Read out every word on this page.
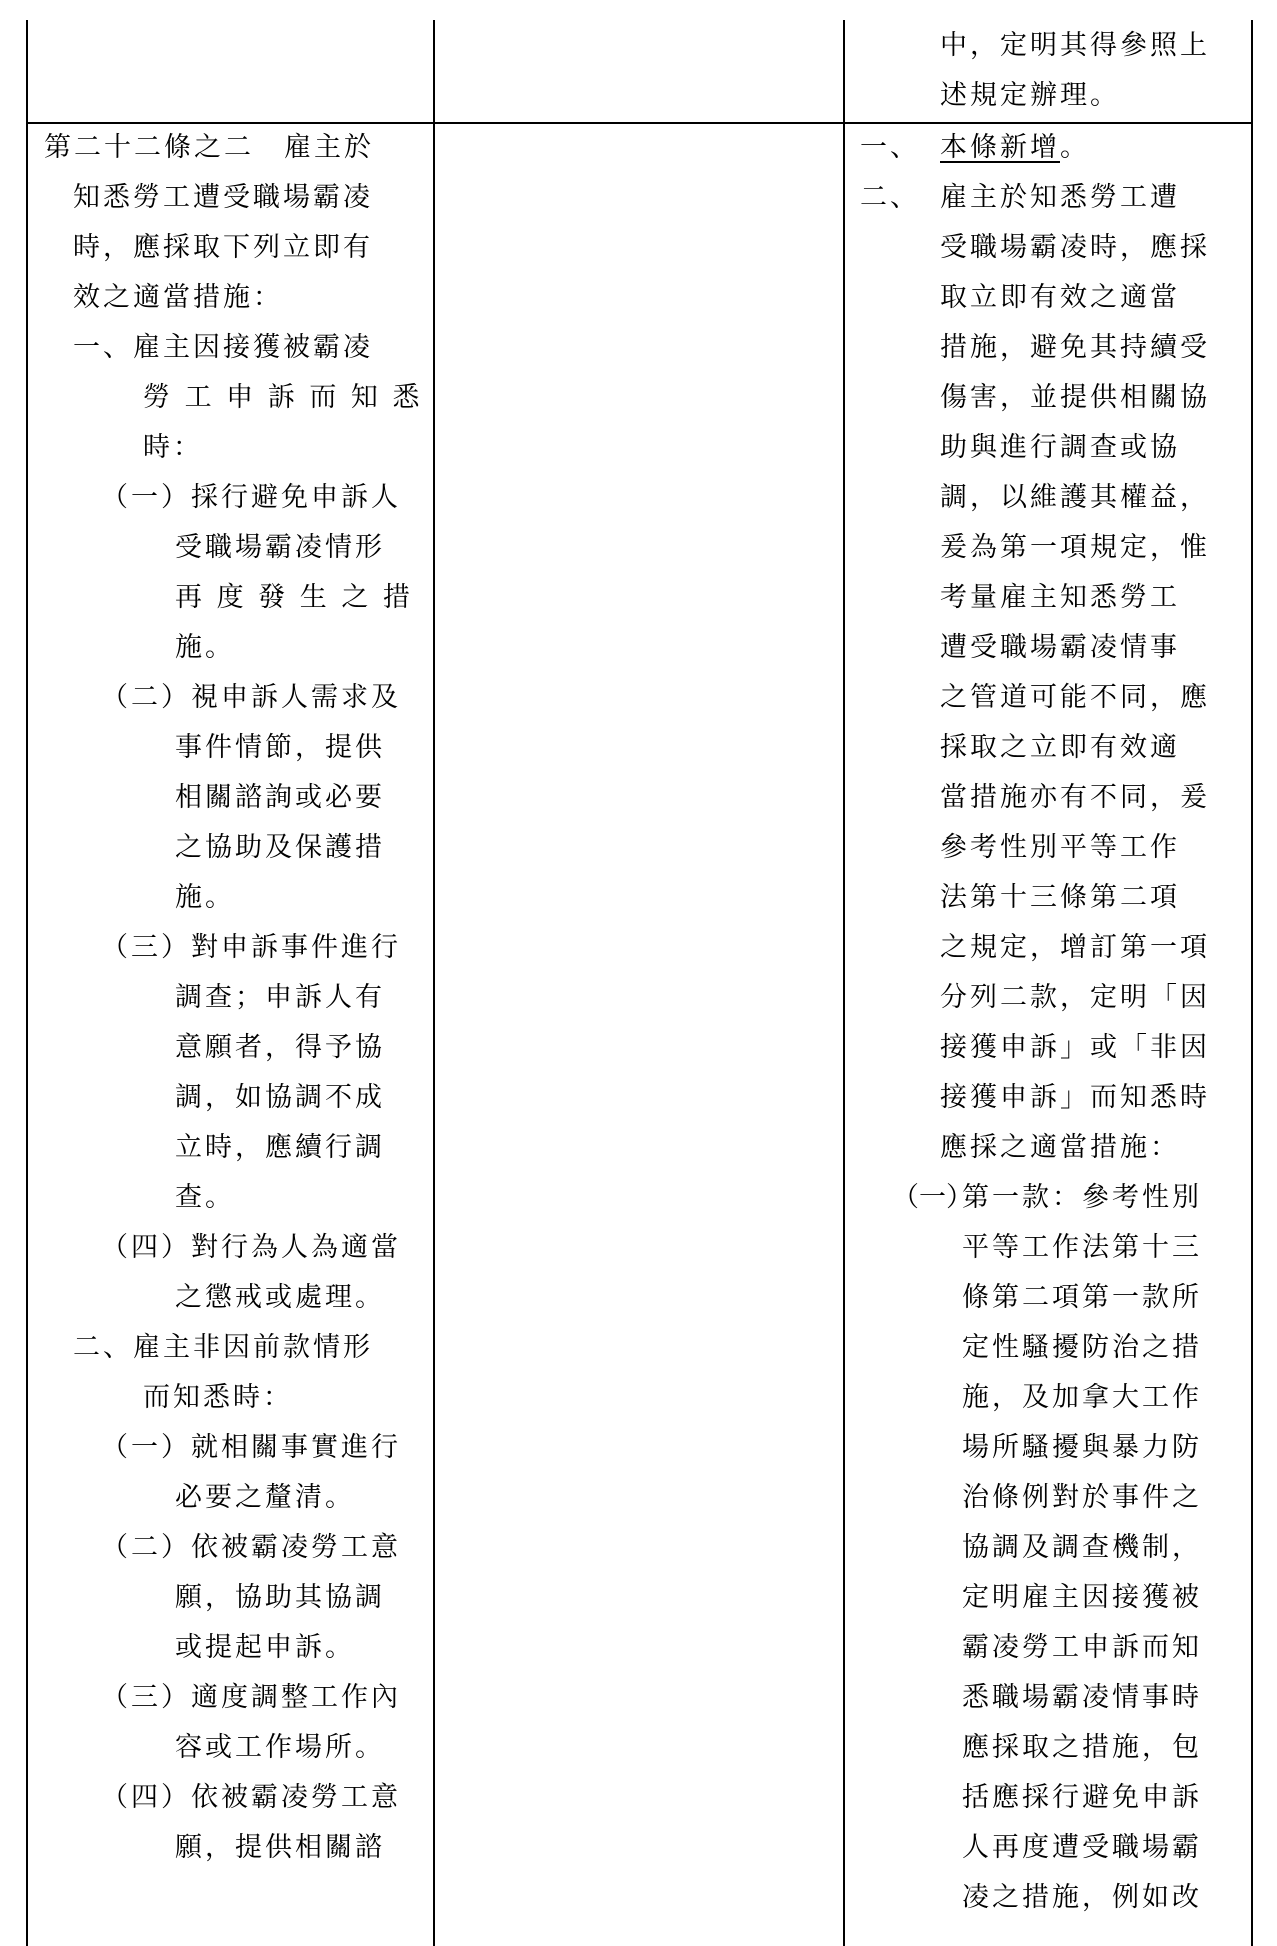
第二十二條之二 雇主於
知悉勞工遭受職場霸凌
時，應採取下列立即有
效之適當措施：
一、雇主因接獲被霸凌
勞 工 申 訴 而 知 悉
時：
（一）採行避免申訴人
受職場霸凌情形
再 度 發 生 之 措
施。
（二）視申訴人需求及
事件情節，提供
相關諮詢或必要
之協助及保護措
施。
（三）對申訴事件進行
調查；申訴人有
意願者，得予協
調，如協調不成
立時，應續行調
查。
（四）對行為人為適當
之懲戒或處理。
二、雇主非因前款情形
而知悉時：
（一）就相關事實進行
必要之釐清。
（二）依被霸凌勞工意
願，協助其協調
或提起申訴。
（三）適度調整工作內
容或工作場所。
（四）依被霸凌勞工意
願，提供相關諮
中，定明其得參照上
述規定辦理。
一、 本條新增。
二、 雇主於知悉勞工遭
受職場霸凌時，應採
取立即有效之適當
措施，避免其持續受
傷害，並提供相關協
助與進行調查或協
調，以維護其權益，
爰為第一項規定，惟
考量雇主知悉勞工
遭受職場霸凌情事
之管道可能不同，應
採取之立即有效適
當措施亦有不同，爰
參考性別平等工作
法第十三條第二項
之規定，增訂第一項
分列二款，定明「因
接獲申訴」或「非因
接獲申訴」而知悉時
應採之適當措施：
（一）第一款：參考性別
平等工作法第十三
條第二項第一款所
定性騷擾防治之措
施，及加拿大工作
場所騷擾與暴力防
治條例對於事件之
協調及調查機制，
定明雇主因接獲被
霸凌勞工申訴而知
悉職場霸凌情事時
應採取之措施，包
括應採行避免申訴
人再度遭受職場霸
凌之措施，例如改
